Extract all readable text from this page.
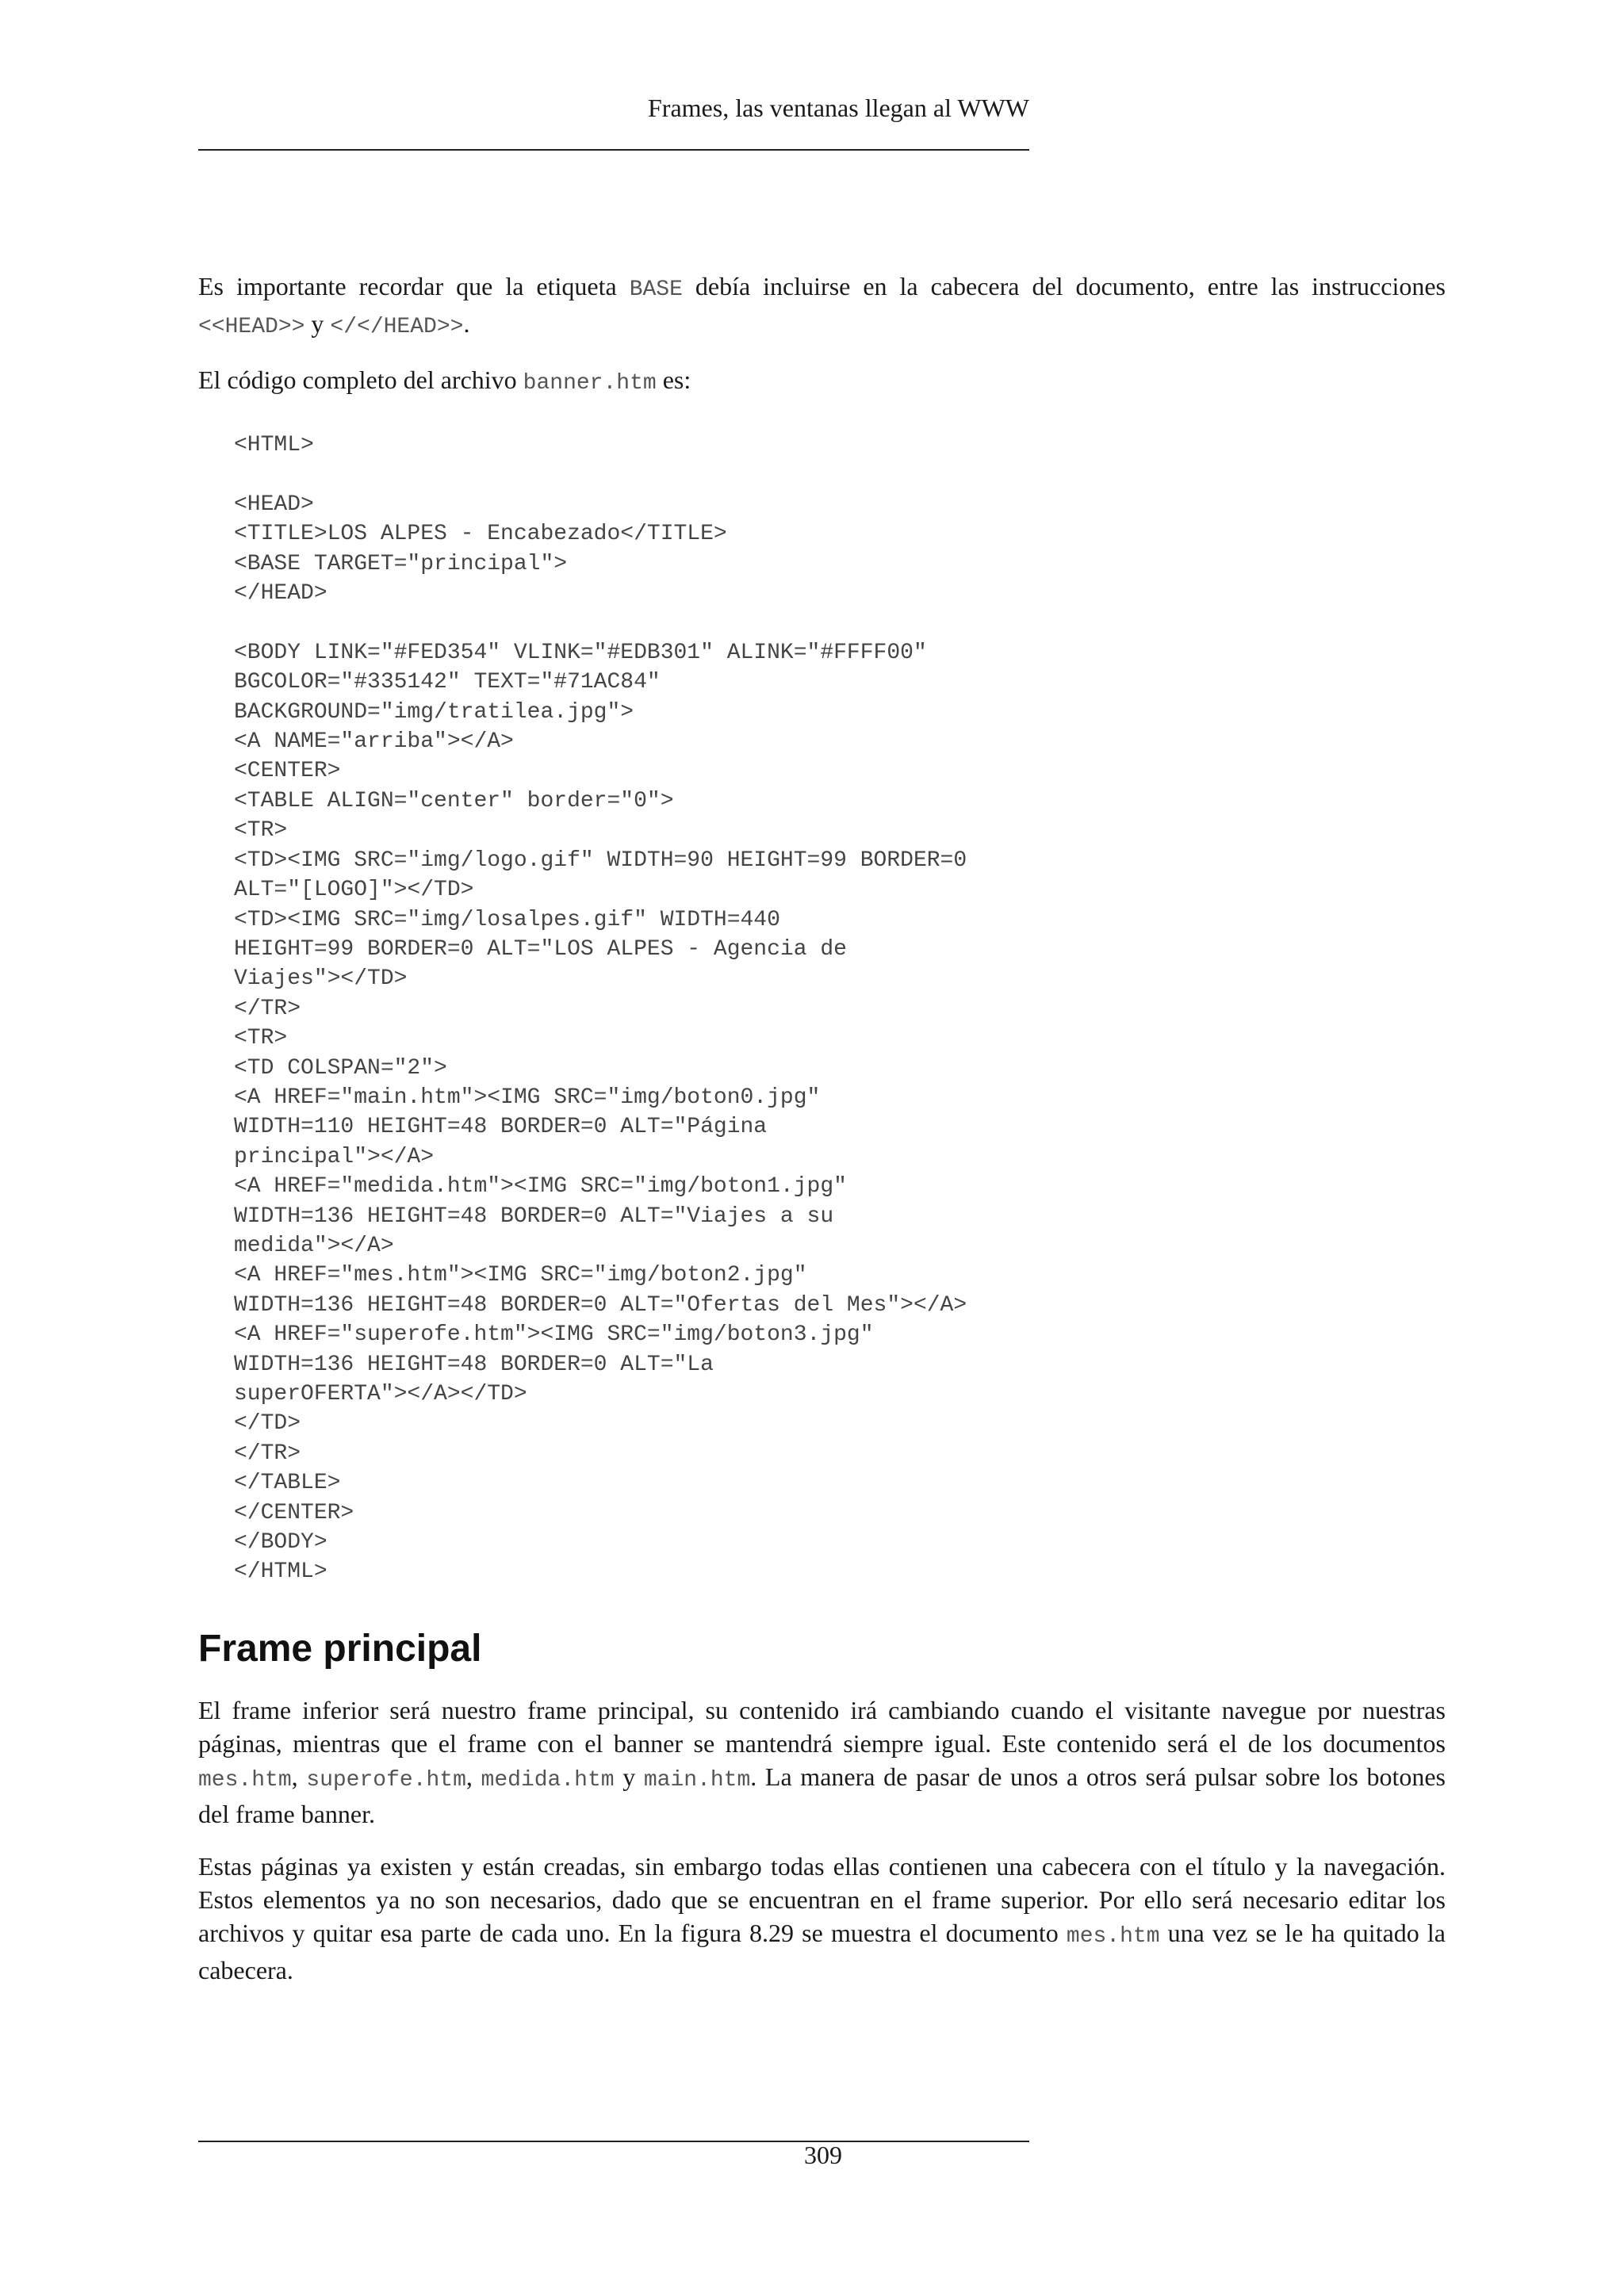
Frames, las ventanas llegan al WWW

Es importante recordar que la etiqueta BASE debía incluirse en la cabecera del documento, entre las instrucciones <<HEAD>> y </</HEAD>>.

El código completo del archivo banner.htm es:

<HTML>

<HEAD>
<TITLE>LOS ALPES - Encabezado</TITLE>
<BASE TARGET="principal">
</HEAD>

<BODY LINK="#FED354" VLINK="#EDB301" ALINK="#FFFF00"
BGCOLOR="#335142" TEXT="#71AC84"
BACKGROUND="img/tratilea.jpg">
<A NAME="arriba"></A>
<CENTER>
<TABLE ALIGN="center" border="0">
<TR>
<TD><IMG SRC="img/logo.gif" WIDTH=90 HEIGHT=99 BORDER=0
ALT="[LOGO]"></TD>
<TD><IMG SRC="img/losalpes.gif" WIDTH=440
HEIGHT=99 BORDER=0 ALT="LOS ALPES - Agencia de
Viajes"></TD>
</TR>
<TR>
<TD COLSPAN="2">
<A HREF="main.htm"><IMG SRC="img/boton0.jpg"
WIDTH=110 HEIGHT=48 BORDER=0 ALT="Página
principal"></A>
<A HREF="medida.htm"><IMG SRC="img/boton1.jpg"
WIDTH=136 HEIGHT=48 BORDER=0 ALT="Viajes a su
medida"></A>
<A HREF="mes.htm"><IMG SRC="img/boton2.jpg"
WIDTH=136 HEIGHT=48 BORDER=0 ALT="Ofertas del Mes"></A>
<A HREF="superofe.htm"><IMG SRC="img/boton3.jpg"
WIDTH=136 HEIGHT=48 BORDER=0 ALT="La
superOFERTA"></A></TD>
</TD>
</TR>
</TABLE>
</CENTER>
</BODY>
</HTML>
Frame principal

El frame inferior será nuestro frame principal, su contenido irá cambiando cuando el visitante navegue por nuestras páginas, mientras que el frame con el banner se mantendrá siempre igual. Este contenido será el de los documentos mes.htm, superofe.htm, medida.htm y main.htm. La manera de pasar de unos a otros será pulsar sobre los botones del frame banner.

Estas páginas ya existen y están creadas, sin embargo todas ellas contienen una cabecera con el título y la navegación. Estos elementos ya no son necesarios, dado que se encuentran en el frame superior. Por ello será necesario editar los archivos y quitar esa parte de cada uno. En la figura 8.29 se muestra el documento mes.htm una vez se le ha quitado la cabecera.

309
